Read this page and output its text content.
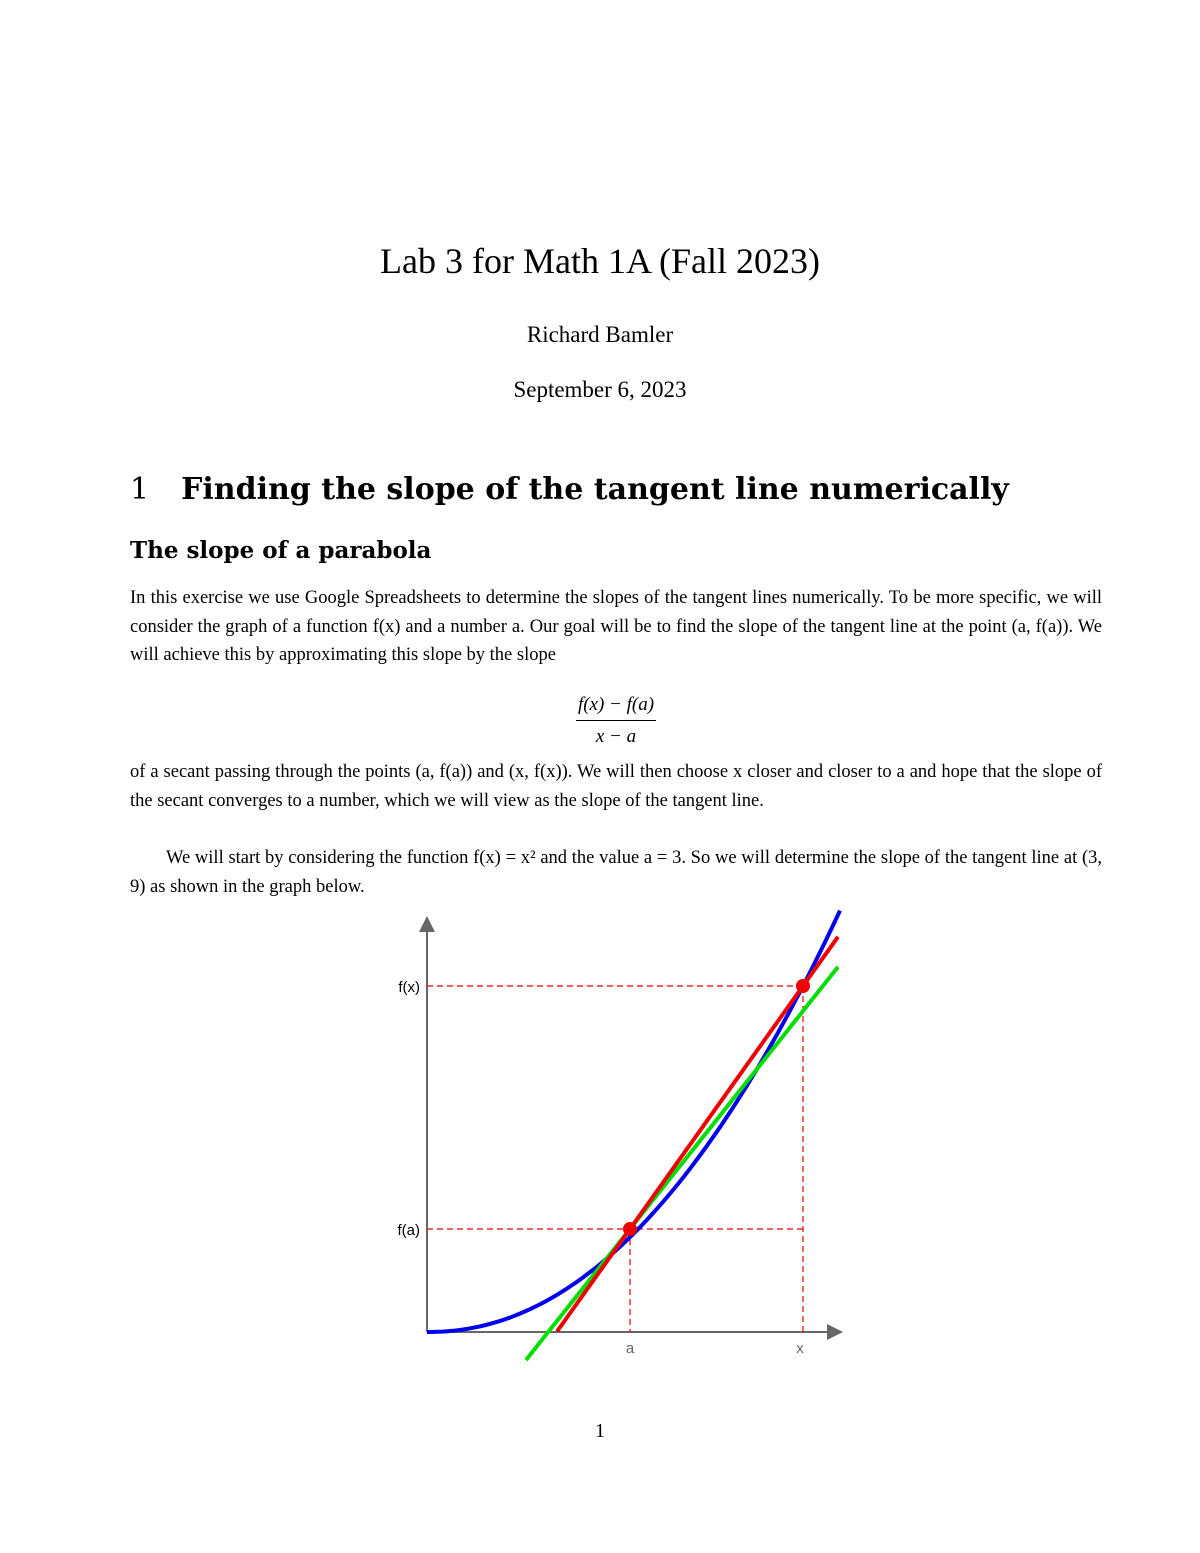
Lab 3 for Math 1A (Fall 2023)
Richard Bamler
September 6, 2023
1 Finding the slope of the tangent line numerically
The slope of a parabola
In this exercise we use Google Spreadsheets to determine the slopes of the tangent lines numerically. To be more specific, we will consider the graph of a function f(x) and a number a. Our goal will be to find the slope of the tangent line at the point (a, f(a)). We will achieve this by approximating this slope by the slope
$\frac{f(x) - f(a)}{x - a}$
of a secant passing through the points (a, f(a)) and (x, f(x)). We will then choose x closer and closer to a and hope that the slope of the secant converges to a number, which we will view as the slope of the tangent line.
We will start by considering the function f(x) = x² and the value a = 3. So we will determine the slope of the tangent line at (3, 9) as shown in the graph below.
f(x)
f(a)
a	x
1
